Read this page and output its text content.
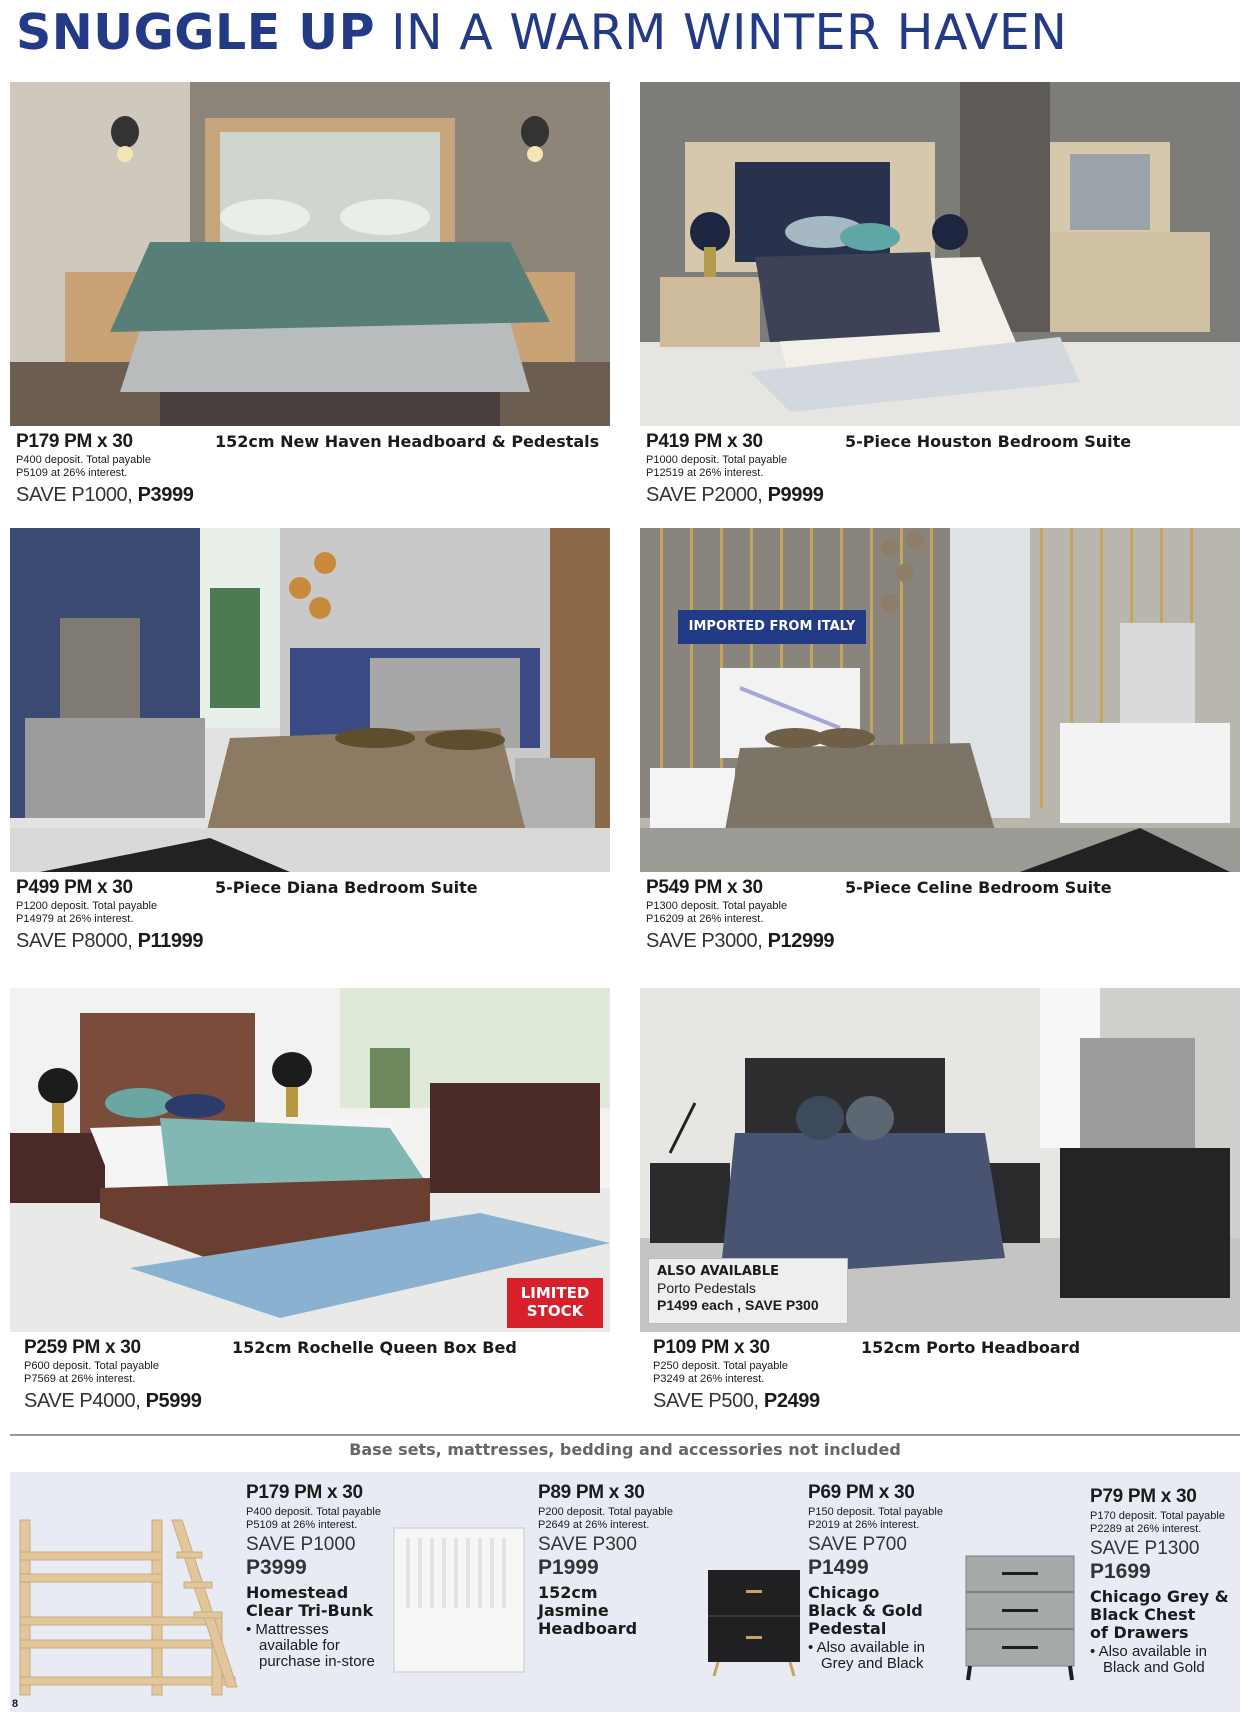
SNUGGLE UP IN A WARM WINTER HAVEN
P179 PM x 30
P400 deposit. Total payable
P5109 at 26% interest.
SAVE P1000, P3999
152cm New Haven Headboard & Pedestals P419 PM x 30
P1000 deposit. Total payable
P12519 at 26% interest.
SAVE P2000, P9999
5-Piece Houston Bedroom Suite
P499 PM x 30
P1200 deposit. Total payable
P14979 at 26% interest.
SAVE P8000, P11999
5-Piece Diana Bedroom Suite
IMPORTED FROM ITALY
P549 PM x 30
P1300 deposit. Total payable
P16209 at 26% interest.
SAVE P3000, P12999
5-Piece Celine Bedroom Suite
LIMITED
STOCK
P259 PM x 30
P600 deposit. Total payable
P7569 at 26% interest.
SAVE P4000, P5999
152cm Rochelle Queen Box Bed
ALSO AVAILABLE
Porto Pedestals
P1499 each , SAVE P300
P109 PM x 30
P250 deposit. Total payable
P3249 at 26% interest.
SAVE P500, P2499
152cm Porto Headboard
Base sets, mattresses, bedding and accessories not included
P179 PM x 30
P400 deposit. Total payable
P5109 at 26% interest.
SAVE P1000
P3999
Homestead
Clear Tri-Bunk
• Mattresses
available for
purchase in-store
P89 PM x 30
P200 deposit. Total payable
P2649 at 26% interest.
SAVE P300
P1999
152cm
Jasmine
Headboard
P69 PM x 30
P150 deposit. Total payable
P2019 at 26% interest.
SAVE P700
P1499
Chicago
Black & Gold
Pedestal
• Also available in
Grey and Black
P79 PM x 30
P170 deposit. Total payable
P2289 at 26% interest.
SAVE P1300
P1699
Chicago Grey &
Black Chest
of Drawers
• Also available in
Black and Gold
8
